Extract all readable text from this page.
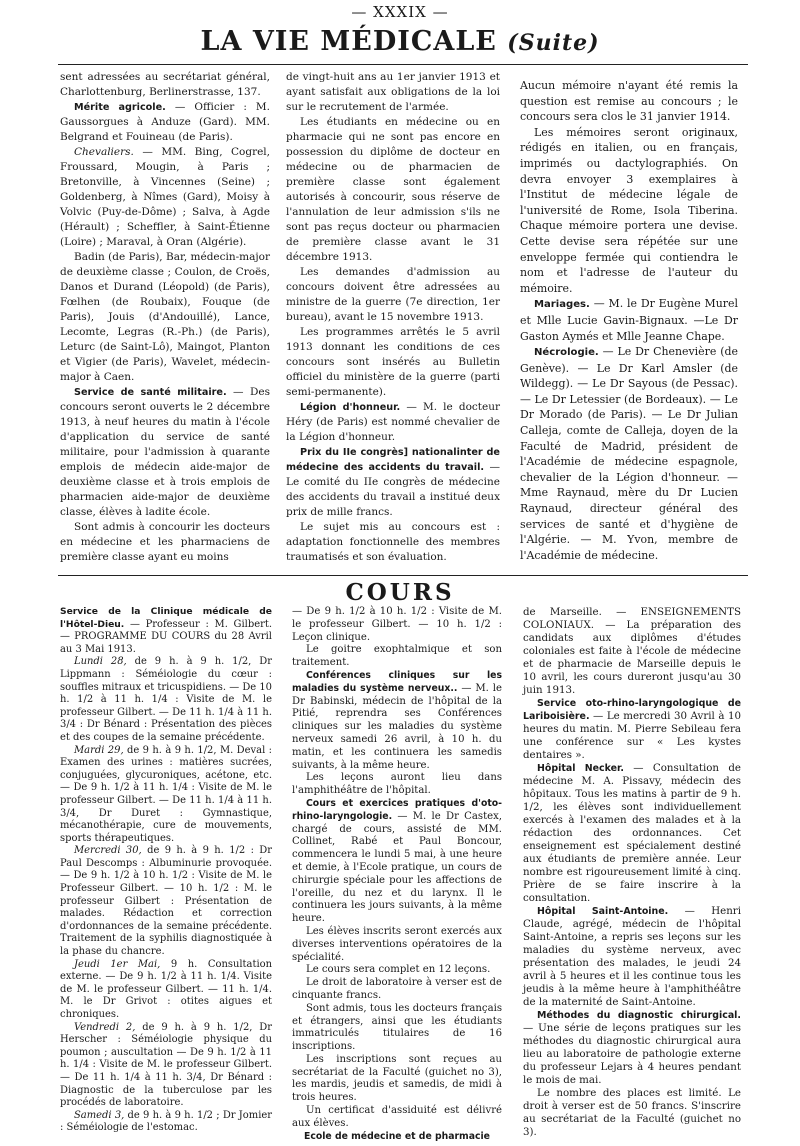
— XXXIX —
LA VIE MÉDICALE (Suite)

sent adressées au secrétariat général, Charlottenburg, Berlinerstrasse, 137.

Mérite agricole. — Officier : M. Gaussorgues à Anduze (Gard). MM. Belgrand et Fouineau (de Paris).

Chevaliers. — MM. Bing, Cogrel, Froussard, Mougin, à Paris ; Bretonville, à Vincennes (Seine) ; Goldenberg, à Nîmes (Gard), Moisy à Volvic (Puy-de-Dôme) ; Salva, à Agde (Hérault) ; Scheffler, à Saint-Étienne (Loire) ; Maraval, à Oran (Algérie).

Badin (de Paris), Bar, médecin-major de deuxième classe ; Coulon, de Croës, Danos et Durand (Léopold) (de Paris), Fœlhen (de Roubaix), Fouque (de Paris), Jouis (d'Andouillé), Lance, Lecomte, Legras (R.-Ph.) (de Paris), Leturc (de Saint-Lô), Maingot, Planton et Vigier (de Paris), Wavelet, médecin-major à Caen.

Service de santé militaire. — Des concours seront ouverts le 2 décembre 1913, à neuf heures du matin à l'école d'application du service de santé militaire, pour l'admission à quarante emplois de médecin aide-major de deuxième classe et à trois emplois de pharmacien aide-major de deuxième classe, élèves à ladite école.

Sont admis à concourir les docteurs en médecine et les pharmaciens de première classe ayant eu moins

de vingt-huit ans au 1er janvier 1913 et ayant satisfait aux obligations de la loi sur le recrutement de l'armée.

Les étudiants en médecine ou en pharmacie qui ne sont pas encore en possession du diplôme de docteur en médecine ou de pharmacien de première classe sont également autorisés à concourir, sous réserve de l'annulation de leur admission s'ils ne sont pas reçus docteur ou pharmacien de première classe avant le 31 décembre 1913.

Les demandes d'admission au concours doivent être adressées au ministre de la guerre (7e direction, 1er bureau), avant le 15 novembre 1913.

Les programmes arrêtés le 5 avril 1913 donnant les conditions de ces concours sont insérés au Bulletin officiel du ministère de la guerre (parti semi-permanente).

Légion d'honneur. — M. le docteur Héry (de Paris) est nommé chevalier de la Légion d'honneur.

Prix du IIe congrès] nationalinter de médecine des accidents du travail. — Le comité du IIe congrès de médecine des accidents du travail a institué deux prix de mille francs.

Le sujet mis au concours est : adaptation fonctionnelle des membres traumatisés et son évaluation.

Aucun mémoire n'ayant été remis la question est remise au concours ; le concours sera clos le 31 janvier 1914.

Les mémoires seront originaux, rédigés en italien, ou en français, imprimés ou dactylographiés. On devra envoyer 3 exemplaires à l'Institut de médecine légale de l'université de Rome, Isola Tiberina. Chaque mémoire portera une devise. Cette devise sera répétée sur une enveloppe fermée qui contiendra le nom et l'adresse de l'auteur du mémoire.

Mariages. — M. le Dr Eugène Murel et Mlle Lucie Gavin-Bignaux. —Le Dr Gaston Aymés et Mlle Jeanne Chape.

Nécrologie. — Le Dr Chenevière (de Genève). — Le Dr Karl Amsler (de Wildegg). — Le Dr Sayous (de Pessac). — Le Dr Letessier (de Bordeaux). — Le Dr Morado (de Paris). — Le Dr Julian Calleja, comte de Calleja, doyen de la Faculté de Madrid, président de l'Académie de médecine espagnole, chevalier de la Légion d'honneur. — Mme Raynaud, mère du Dr Lucien Raynaud, directeur général des services de santé et d'hygiène de l'Algérie. — M. Yvon, membre de l'Académie de médecine.

COURS

Service de la Clinique médicale de l'Hôtel-Dieu. — Professeur : M. Gilbert. — PROGRAMME DU COURS du 28 Avril au 3 Mai 1913.

Lundi 28, de 9 h. à 9 h. 1/2, Dr Lippmann : Séméiologie du cœur : souffles mitraux et tricuspidiens. — De 10 h. 1/2 à 11 h. 1/4 : Visite de M. le professeur Gilbert. — De 11 h. 1/4 à 11 h. 3/4 : Dr Bénard : Présentation des pièces et des coupes de la semaine précédente.

Mardi 29, de 9 h. à 9 h. 1/2, M. Deval : Examen des urines : matières sucrées, conjuguées, glycuroniques, acétone, etc. — De 9 h. 1/2 à 11 h. 1/4 : Visite de M. le professeur Gilbert. — De 11 h. 1/4 à 11 h. 3/4, Dr Duret : Gymnastique, mécanothérapie, cure de mouvements, sports thérapeutiques.

Mercredi 30, de 9 h. à 9 h. 1/2 : Dr Paul Descomps : Albuminurie provoquée. — De 9 h. 1/2 à 10 h. 1/2 : Visite de M. le Professeur Gilbert. — 10 h. 1/2 : M. le professeur Gilbert : Présentation de malades. Rédaction et correction d'ordonnances de la semaine précédente. Traitement de la syphilis diagnostiquée à la phase du chancre.

Jeudi 1er Mai, 9 h. Consultation externe. — De 9 h. 1/2 à 11 h. 1/4. Visite de M. le professeur Gilbert. — 11 h. 1/4. M. le Dr Grivot : otites aigues et chroniques.

Vendredi 2, de 9 h. à 9 h. 1/2, Dr Herscher : Séméiologie physique du poumon ; auscultation — De 9 h. 1/2 à 11 h. 1/4 : Visite de M. le professeur Gilbert. — De 11 h. 1/4 à 11 h. 3/4, Dr Bénard : Diagnostic de la tuberculose par les procédés de laboratoire.

Samedi 3, de 9 h. à 9 h. 1/2 ; Dr Jomier : Séméiologie de l'estomac.

— De 9 h. 1/2 à 10 h. 1/2 : Visite de M. le professeur Gilbert. — 10 h. 1/2 : Leçon clinique.

Le goitre exophtalmique et son traitement.

Conférences cliniques sur les maladies du système nerveux.. — M. le Dr Babinski, médecin de l'hôpital de la Pitié, reprendra ses Conférences cliniques sur les maladies du système nerveux samedi 26 avril, à 10 h. du matin, et les continuera les samedis suivants, à la même heure.

Les leçons auront lieu dans l'amphithéâtre de l'hôpital.

Cours et exercices pratiques d'oto-rhino-laryngologie. — M. le Dr Castex, chargé de cours, assisté de MM. Collinet, Rabé et Paul Boncour, commencera le lundi 5 mai, à une heure et demie, à l'Ecole pratique, un cours de chirurgie spéciale pour les affections de l'oreille, du nez et du larynx. Il le continuera les jours suivants, à la même heure.

Les élèves inscrits seront exercés aux diverses interventions opératoires de la spécialité.

Le cours sera complet en 12 leçons.

Le droit de laboratoire à verser est de cinquante francs.

Sont admis, tous les docteurs français et étrangers, ainsi que les étudiants immatriculés titulaires de 16 inscriptions.

Les inscriptions sont reçues au secrétariat de la Faculté (guichet no 3), les mardis, jeudis et samedis, de midi à trois heures.

Un certificat d'assiduité est délivré aux élèves.

Ecole de médecine et de pharmacie

de Marseille. — ENSEIGNEMENTS COLONIAUX. — La préparation des candidats aux diplômes d'études coloniales est faite à l'école de médecine et de pharmacie de Marseille depuis le 10 avril, les cours dureront jusqu'au 30 juin 1913.

Service oto-rhino-laryngologique de Lariboisière. — Le mercredi 30 Avril à 10 heures du matin. M. Pierre Sebileau fera une conférence sur « Les kystes dentaires ».

Hôpital Necker. — Consultation de médecine M. A. Pissavy, médecin des hôpitaux. Tous les matins à partir de 9 h. 1/2, les élèves sont individuellement exercés à l'examen des malades et à la rédaction des ordonnances. Cet enseignement est spécialement destiné aux étudiants de première année. Leur nombre est rigoureusement limité à cinq. Prière de se faire inscrire à la consultation.

Hôpital Saint-Antoine. — Henri Claude, agrégé, médecin de l'hôpital Saint-Antoine, a repris ses leçons sur les maladies du système nerveux, avec présentation des malades, le jeudi 24 avril à 5 heures et il les continue tous les jeudis à la même heure à l'amphithéâtre de la maternité de Saint-Antoine.

Méthodes du diagnostic chirurgical. — Une série de leçons pratiques sur les méthodes du diagnostic chirurgical aura lieu au laboratoire de pathologie externe du professeur Lejars à 4 heures pendant le mois de mai.

Le nombre des places est limité. Le droit à verser est de 50 francs. S'inscrire au secrétariat de la Faculté (guichet no 3).
